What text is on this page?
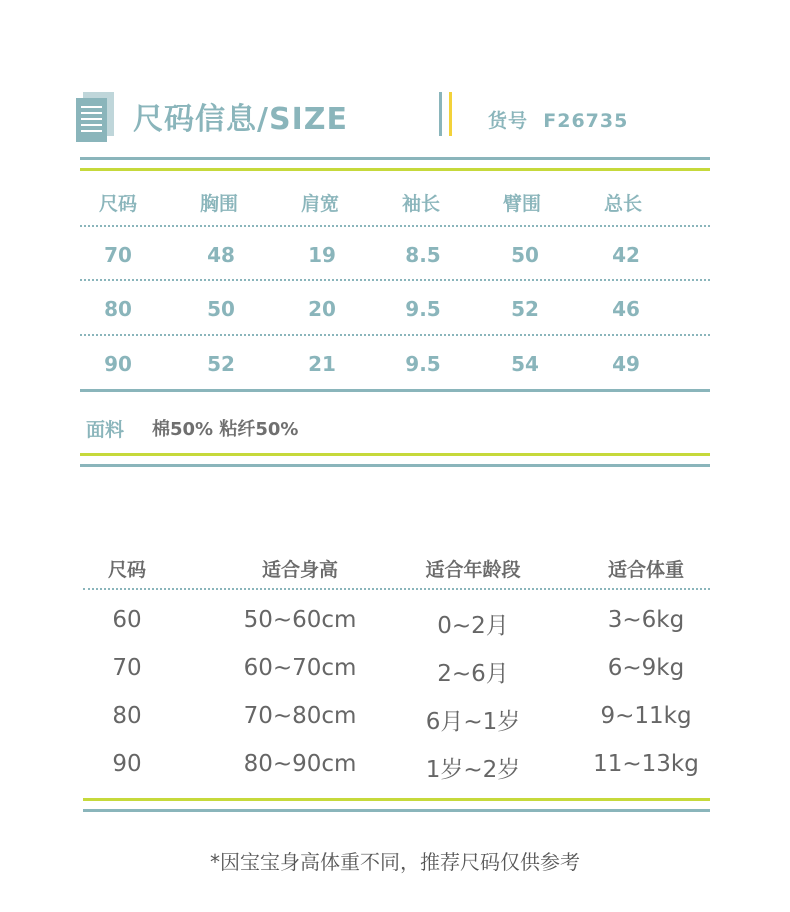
尺码信息/SIZE	货号 F26735
尺码	胸围	肩宽	袖长	臂围	总长
70	48	19	8.5	50	42
80	50	20	9.5	52	46
90	52	21	9.5	54	49
面料 棉50% 粘纤50%
尺码	适合身高	适合年龄段	适合体重
60	50~60cm	0~2月	3~6kg
70	60~70cm	2~6月	6~9kg
80	70~80cm	6月~1岁	9~11kg
90	80~90cm	1岁~2岁	11~13kg
*因宝宝身高体重不同，推荐尺码仅供参考
